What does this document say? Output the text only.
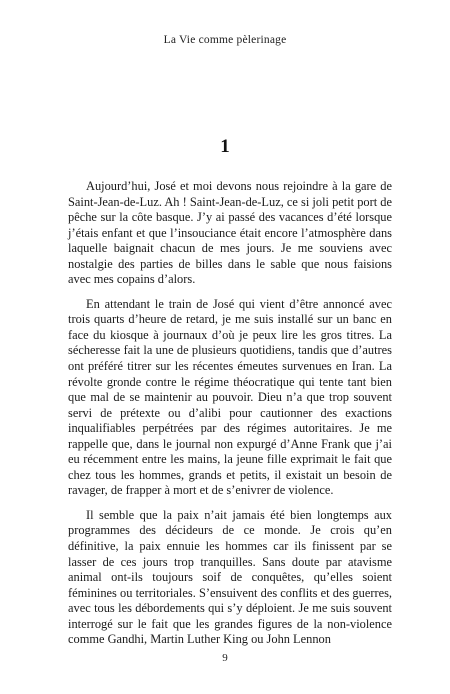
La Vie comme pèlerinage
1

Aujourd’hui, José et moi devons nous rejoindre à la gare de Saint-Jean-de-Luz. Ah ! Saint-Jean-de-Luz, ce si joli petit port de pêche sur la côte basque. J’y ai passé des vacances d’été lorsque j’étais enfant et que l’insouciance était encore l’atmosphère dans laquelle baignait chacun de mes jours. Je me souviens avec nostalgie des parties de billes dans le sable que nous faisions avec mes copains d’alors.

En attendant le train de José qui vient d’être annoncé avec trois quarts d’heure de retard, je me suis installé sur un banc en face du kiosque à journaux d’où je peux lire les gros titres. La sécheresse fait la une de plusieurs quotidiens, tandis que d’autres ont préféré titrer sur les récentes émeutes survenues en Iran. La révolte gronde contre le régime théocratique qui tente tant bien que mal de se maintenir au pouvoir. Dieu n’a que trop souvent servi de prétexte ou d’alibi pour cautionner des exactions inqualifiables perpétrées par des régimes autoritaires. Je me rappelle que, dans le journal non expurgé d’Anne Frank que j’ai eu récemment entre les mains, la jeune fille exprimait le fait que chez tous les hommes, grands et petits, il existait un besoin de ravager, de frapper à mort et de s’enivrer de violence.

Il semble que la paix n’ait jamais été bien longtemps aux programmes des décideurs de ce monde. Je crois qu’en définitive, la paix ennuie les hommes car ils finissent par se lasser de ces jours trop tranquilles. Sans doute par atavisme animal ont-ils toujours soif de conquêtes, qu’elles soient féminines ou territoriales. S’ensuivent des conflits et des guerres, avec tous les débordements qui s’y déploient. Je me suis souvent interrogé sur le fait que les grandes figures de la non-violence comme Gandhi, Martin Luther King ou John Lennon

9
